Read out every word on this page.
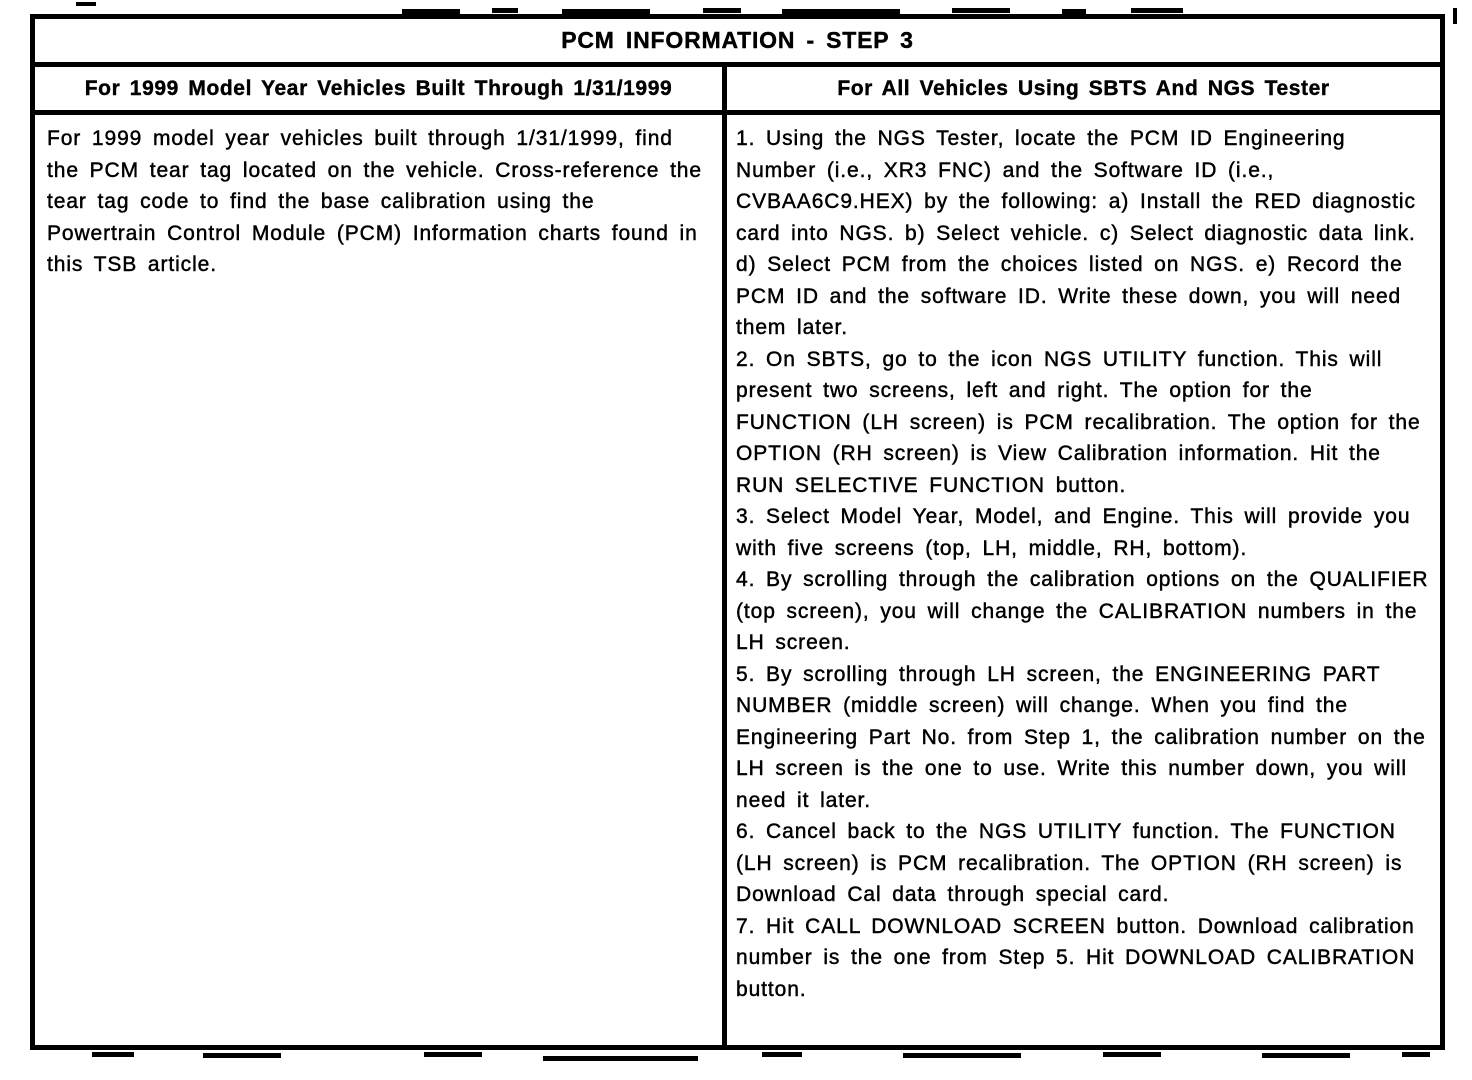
PCM INFORMATION - STEP 3
For 1999 Model Year Vehicles Built Through 1/31/1999

For 1999 model year vehicles built through 1/31/1999, find the PCM tear tag located on the vehicle. Cross-reference the tear tag code to find the base calibration using the Powertrain Control Module (PCM) Information charts found in this TSB article.

For All Vehicles Using SBTS And NGS Tester

1. Using the NGS Tester, locate the PCM ID Engineering Number (i.e., XR3 FNC) and the Software ID (i.e., CVBAA6C9.HEX) by the following: a) Install the RED diagnostic card into NGS. b) Select vehicle. c) Select diagnostic data link. d) Select PCM from the choices listed on NGS. e) Record the PCM ID and the software ID. Write these down, you will need them later.

2. On SBTS, go to the icon NGS UTILITY function. This will present two screens, left and right. The option for the FUNCTION (LH screen) is PCM recalibration. The option for the OPTION (RH screen) is View Calibration information. Hit the RUN SELECTIVE FUNCTION button.

3. Select Model Year, Model, and Engine. This will provide you with five screens (top, LH, middle, RH, bottom).

4. By scrolling through the calibration options on the QUALIFIER (top screen), you will change the CALIBRATION numbers in the LH screen.

5. By scrolling through LH screen, the ENGINEERING PART NUMBER (middle screen) will change. When you find the Engineering Part No. from Step 1, the calibration number on the LH screen is the one to use. Write this number down, you will need it later.

6. Cancel back to the NGS UTILITY function. The FUNCTION (LH screen) is PCM recalibration. The OPTION (RH screen) is Download Cal data through special card.

7. Hit CALL DOWNLOAD SCREEN button. Download calibration number is the one from Step 5. Hit DOWNLOAD CALIBRATION button.
